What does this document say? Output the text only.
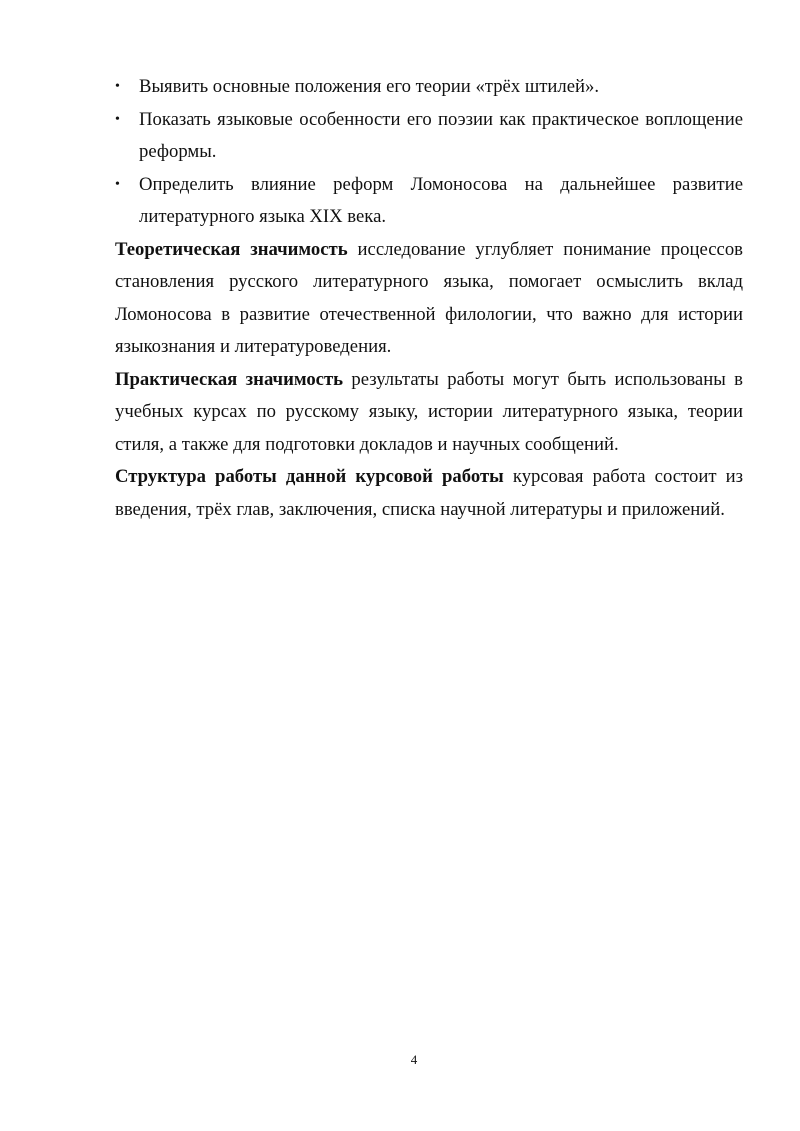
• Выявить основные положения его теории «трёх штилей».
• Показать языковые особенности его поэзии как практическое воплощение реформы.
• Определить влияние реформ Ломоносова на дальнейшее развитие литературного языка XIX века.

Теоретическая значимость исследование углубляет понимание процессов становления русского литературного языка, помогает осмыслить вклад Ломоносова в развитие отечественной филологии, что важно для истории языкознания и литературоведения.

Практическая значимость результаты работы могут быть использованы в учебных курсах по русскому языку, истории литературного языка, теории стиля, а также для подготовки докладов и научных сообщений.

Структура работы данной курсовой работы курсовая работа состоит из введения, трёх глав, заключения, списка научной литературы и приложений.

4
